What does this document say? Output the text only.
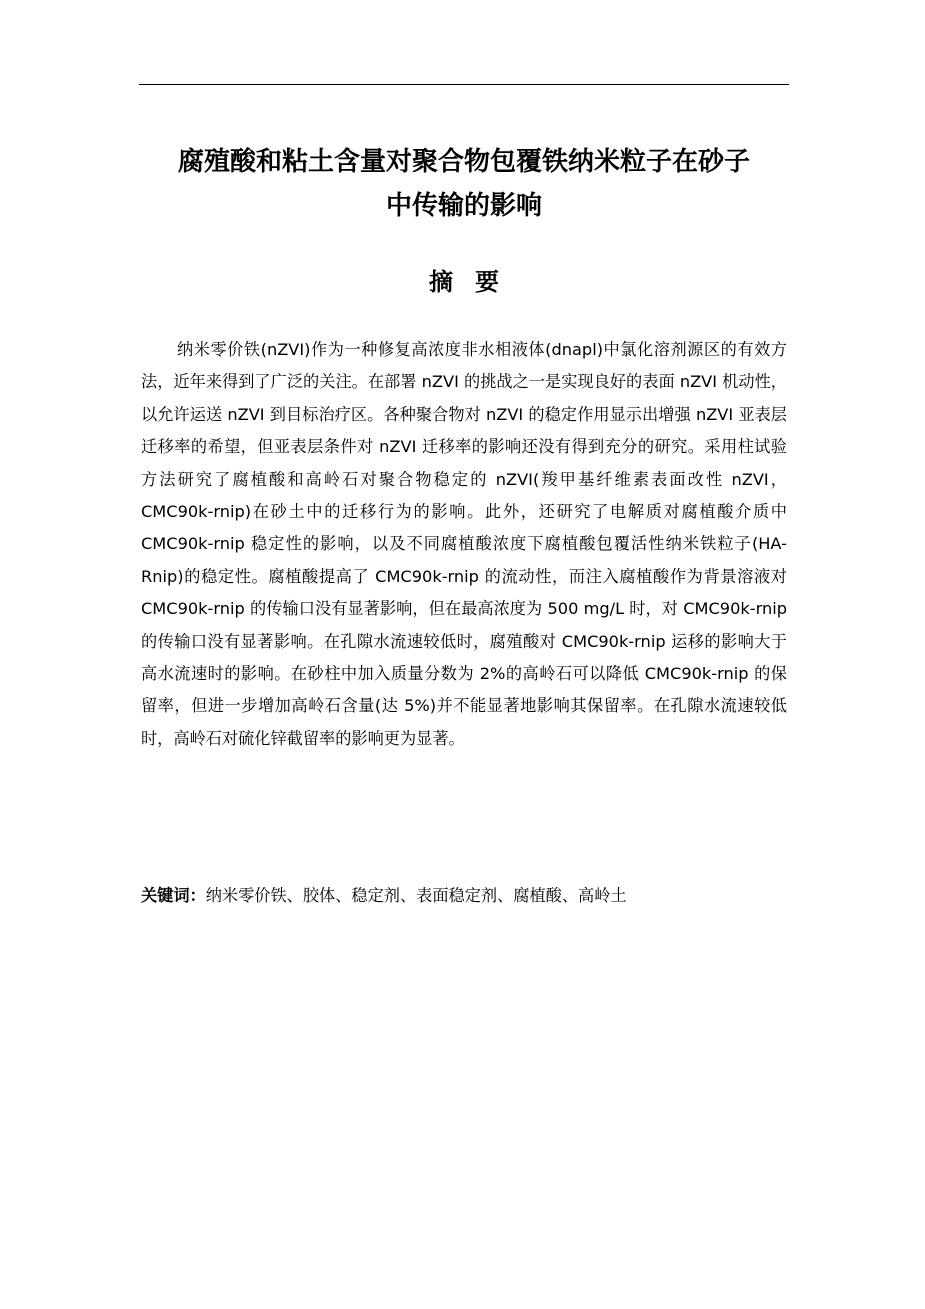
腐殖酸和粘土含量对聚合物包覆铁纳米粒子在砂子
中传输的影响
摘要

纳米零价铁(nZVI)作为一种修复高浓度非水相液体(dnapl)中氯化溶剂源区的有效方法，近年来得到了广泛的关注。在部署 nZVI 的挑战之一是实现良好的表面 nZVI 机动性，以允许运送 nZVI 到目标治疗区。各种聚合物对 nZVI 的稳定作用显示出增强 nZVI 亚表层迁移率的希望，但亚表层条件对 nZVI 迁移率的影响还没有得到充分的研究。采用柱试验方法研究了腐植酸和高岭石对聚合物稳定的 nZVI(羧甲基纤维素表面改性 nZVI，CMC90k-rnip)在砂土中的迁移行为的影响。此外，还研究了电解质对腐植酸介质中 CMC90k-rnip 稳定性的影响，以及不同腐植酸浓度下腐植酸包覆活性纳米铁粒子(HA-Rnip)的稳定性。腐植酸提高了 CMC90k-rnip 的流动性，而注入腐植酸作为背景溶液对 CMC90k-rnip 的传输口没有显著影响，但在最高浓度为 500 mg/L 时，对 CMC90k-rnip 的传输口没有显著影响。在孔隙水流速较低时，腐殖酸对 CMC90k-rnip 运移的影响大于高水流速时的影响。在砂柱中加入质量分数为 2%的高岭石可以降低 CMC90k-rnip 的保留率，但进一步增加高岭石含量(达 5%)并不能显著地影响其保留率。在孔隙水流速较低时，高岭石对硫化锌截留率的影响更为显著。

关键词：纳米零价铁、胶体、稳定剂、表面稳定剂、腐植酸、高岭土
